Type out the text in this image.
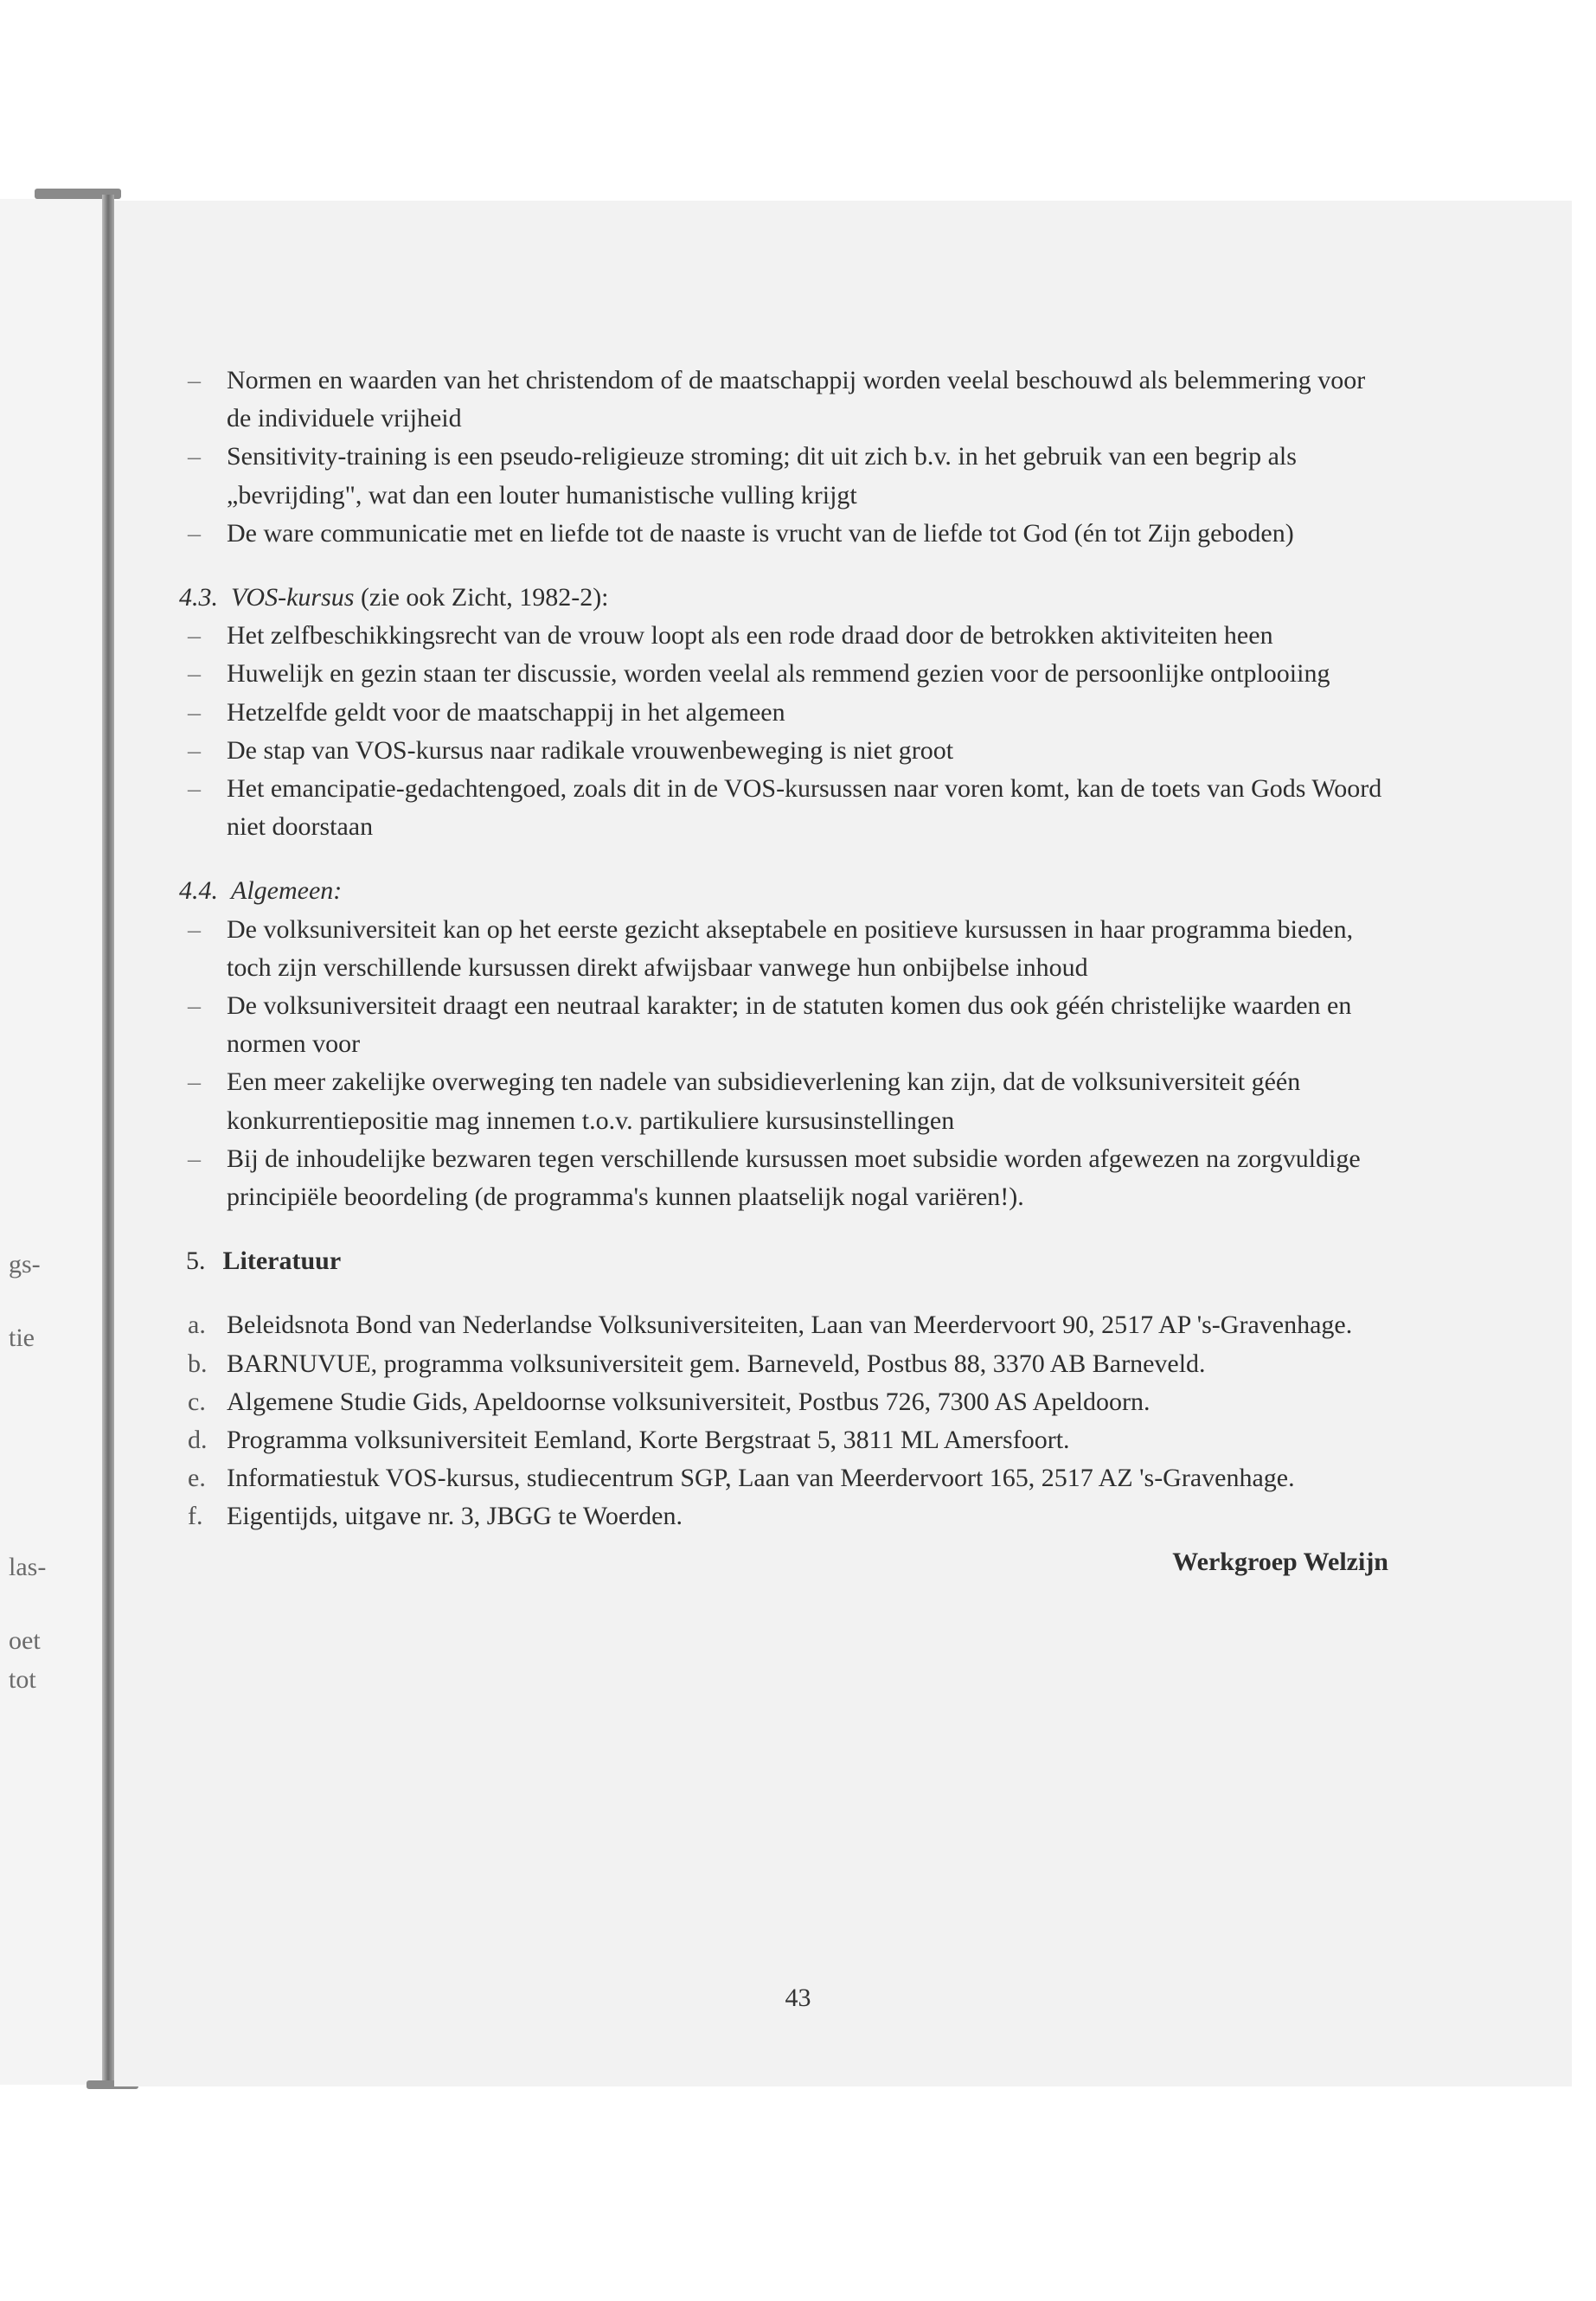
gs-
tie
las-
oet
tot
– Normen en waarden van het christendom of de maatschappij worden veelal beschouwd als belemmering voor de individuele vrijheid
– Sensitivity-training is een pseudo-religieuze stroming; dit uit zich b.v. in het gebruik van een begrip als „bevrijding", wat dan een louter humanistische vulling krijgt
– De ware communicatie met en liefde tot de naaste is vrucht van de liefde tot God (én tot Zijn geboden)
4.3. VOS-kursus (zie ook Zicht, 1982-2):
– Het zelfbeschikkingsrecht van de vrouw loopt als een rode draad door de betrokken aktiviteiten heen
– Huwelijk en gezin staan ter discussie, worden veelal als remmend gezien voor de persoonlijke ontplooiing
– Hetzelfde geldt voor de maatschappij in het algemeen
– De stap van VOS-kursus naar radikale vrouwenbeweging is niet groot
– Het emancipatie-gedachtengoed, zoals dit in de VOS-kursussen naar voren komt, kan de toets van Gods Woord niet doorstaan
4.4. Algemeen:
– De volksuniversiteit kan op het eerste gezicht akseptabele en positieve kursussen in haar programma bieden, toch zijn verschillende kursussen direkt afwijsbaar vanwege hun onbijbelse inhoud
– De volksuniversiteit draagt een neutraal karakter; in de statuten komen dus ook géén christelijke waarden en normen voor
– Een meer zakelijke overweging ten nadele van subsidieverlening kan zijn, dat de volksuniversiteit géén konkurrentiepositie mag innemen t.o.v. partikuliere kursusinstellingen
– Bij de inhoudelijke bezwaren tegen verschillende kursussen moet subsidie worden afgewezen na zorgvuldige principiële beoordeling (de programma's kunnen plaatselijk nogal variëren!).
5. Literatuur
a. Beleidsnota Bond van Nederlandse Volksuniversiteiten, Laan van Meerdervoort 90, 2517 AP 's-Gravenhage.
b. BARNUVUE, programma volksuniversiteit gem. Barneveld, Postbus 88, 3370 AB Barneveld.
c. Algemene Studie Gids, Apeldoornse volksuniversiteit, Postbus 726, 7300 AS Apeldoorn.
d. Programma volksuniversiteit Eemland, Korte Bergstraat 5, 3811 ML Amersfoort.
e. Informatiestuk VOS-kursus, studiecentrum SGP, Laan van Meerdervoort 165, 2517 AZ 's-Gravenhage.
f. Eigentijds, uitgave nr. 3, JBGG te Woerden.
Werkgroep Welzijn
43
